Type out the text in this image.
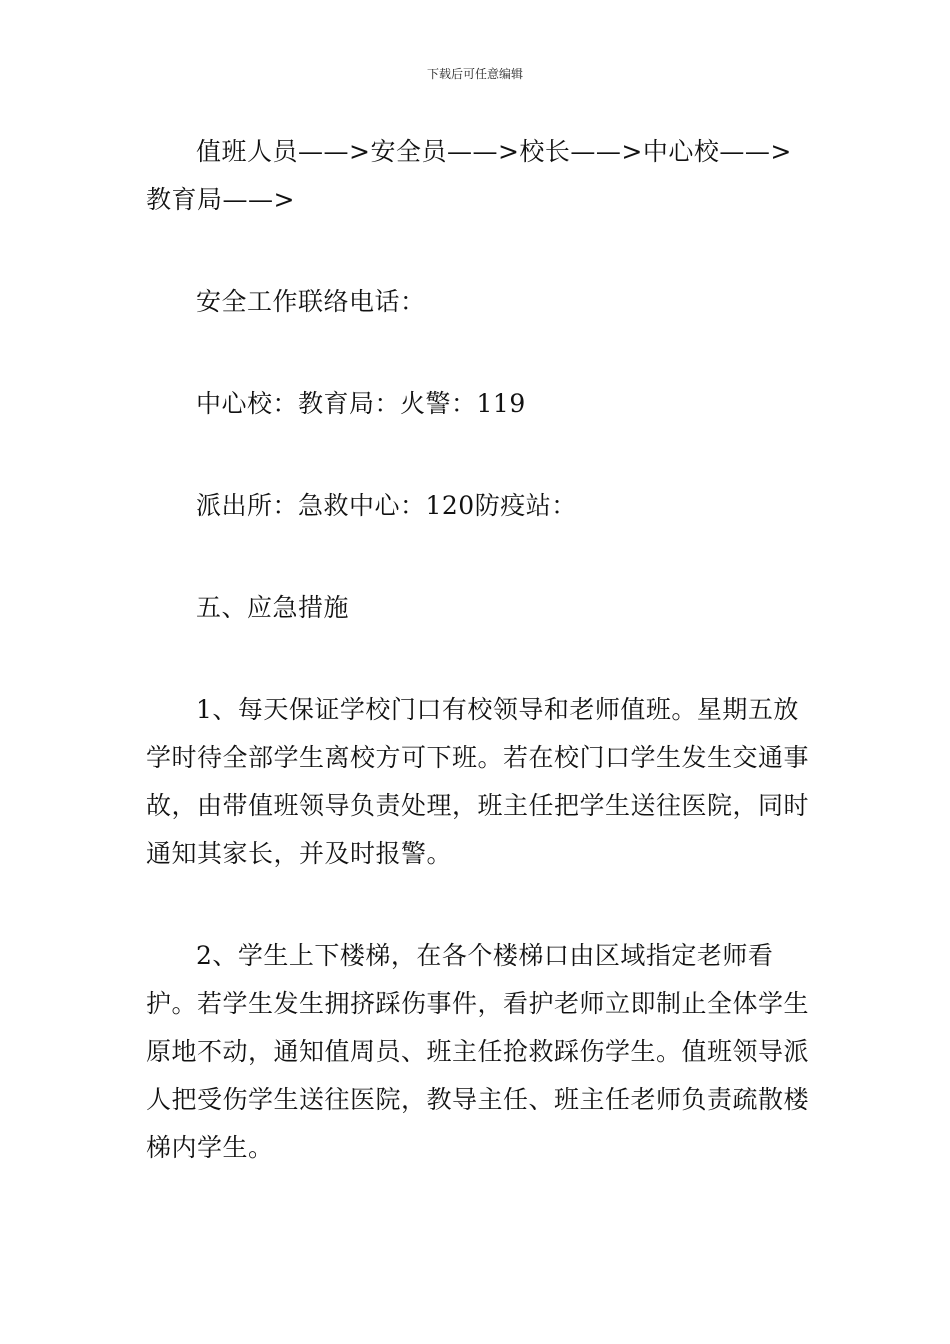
下载后可任意编辑

值班人员——>安全员——>校长——>中心校——>教育局——>

安全工作联络电话：

中心校：教育局：火警：119

派出所：急救中心：120防疫站：

五、应急措施

1、每天保证学校门口有校领导和老师值班。星期五放学时待全部学生离校方可下班。若在校门口学生发生交通事故，由带值班领导负责处理，班主任把学生送往医院，同时通知其家长，并及时报警。

2、学生上下楼梯，在各个楼梯口由区域指定老师看护。若学生发生拥挤踩伤事件，看护老师立即制止全体学生原地不动，通知值周员、班主任抢救踩伤学生。值班领导派人把受伤学生送往医院，教导主任、班主任老师负责疏散楼梯内学生。
